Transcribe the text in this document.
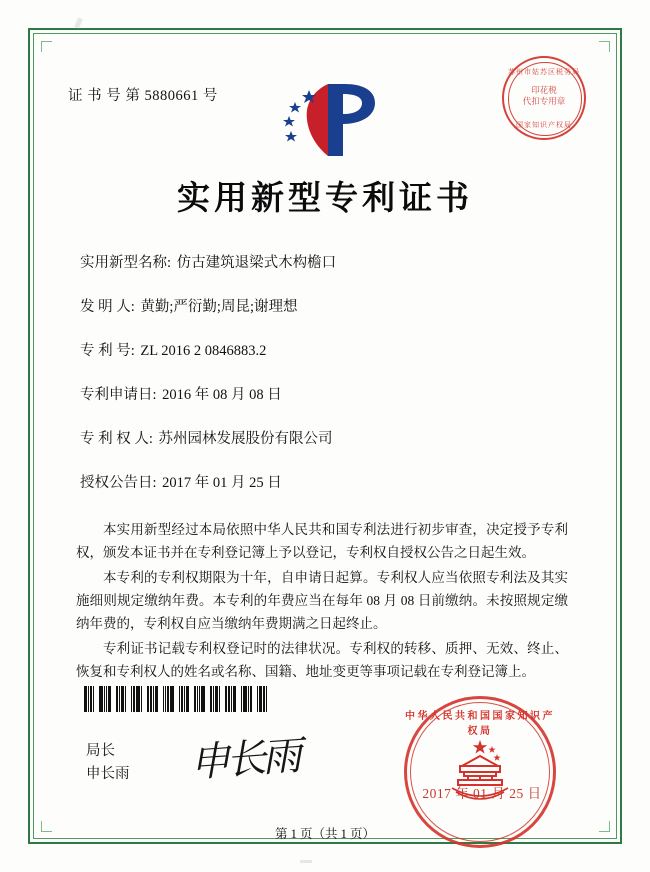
证 书 号 第 5880661 号
苏州市姑苏区税务局
印花税
代扣专用章
国家知识产权局
实用新型专利证书
实用新型名称: 仿古建筑退梁式木构檐口
发 明 人: 黄勤;严衍勤;周昆;谢理想
专 利 号: ZL 2016 2 0846883.2
专利申请日: 2016 年 08 月 08 日
专 利 权 人: 苏州园林发展股份有限公司
授权公告日: 2017 年 01 月 25 日

本实用新型经过本局依照中华人民共和国专利法进行初步审查，决定授予专利权，颁发本证书并在专利登记簿上予以登记，专利权自授权公告之日起生效。

本专利的专利权期限为十年，自申请日起算。专利权人应当依照专利法及其实施细则规定缴纳年费。本专利的年费应当在每年 08 月 08 日前缴纳。未按照规定缴纳年费的，专利权自应当缴纳年费期满之日起终止。

专利证书记载专利权登记时的法律状况。专利权的转移、质押、无效、终止、恢复和专利权人的姓名或名称、国籍、地址变更等事项记载在专利登记簿上。

局长
申长雨 申长雨
中华人民共和国国家知识产权局
2017 年 01 月 25 日
第 1 页（共 1 页）
